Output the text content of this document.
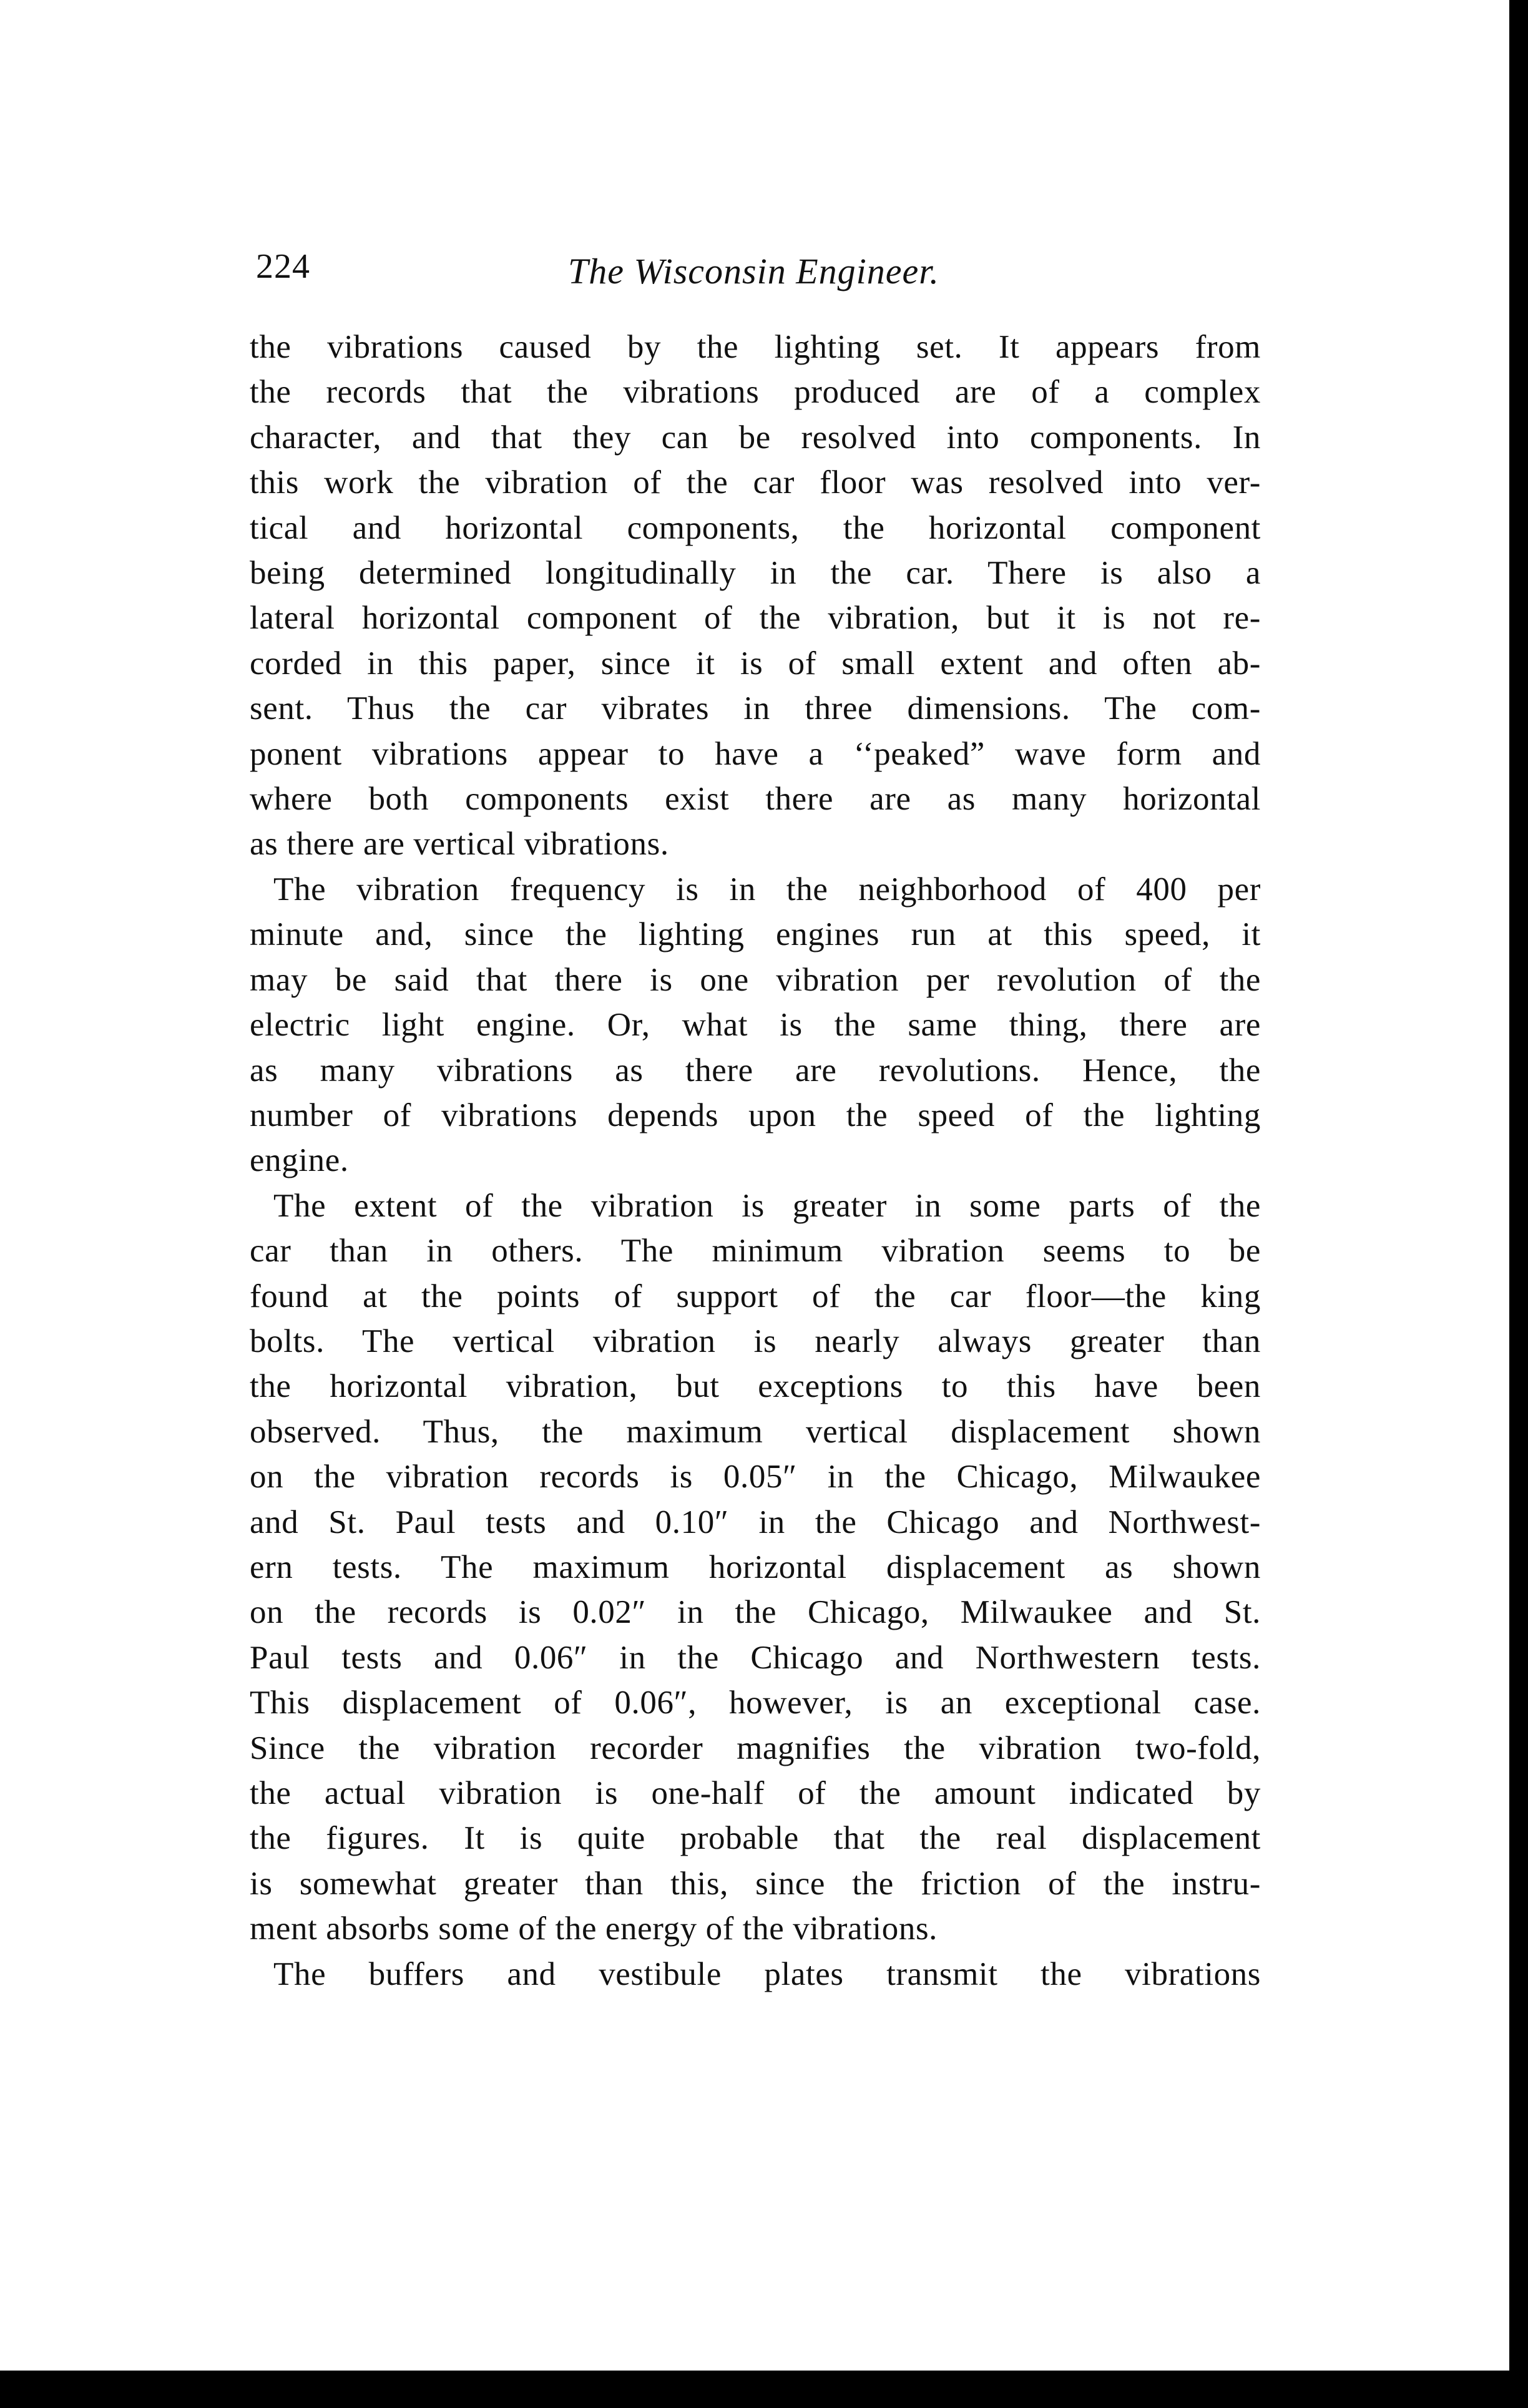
224	The Wisconsin Engineer.
the vibrations caused by the lighting set. It appears from
the records that the vibrations produced are of a complex
character, and that they can be resolved into components. In
this work the vibration of the car floor was resolved into ver-
tical and horizontal components, the horizontal component
being determined longitudinally in the car. There is also a
lateral horizontal component of the vibration, but it is not re-
corded in this paper, since it is of small extent and often ab-
sent. Thus the car vibrates in three dimensions. The com-
ponent vibrations appear to have a ‘‘peaked” wave form and
where both components exist there are as many horizontal
as there are vertical vibrations.
The vibration frequency is in the neighborhood of 400 per
minute and, since the lighting engines run at this speed, it
may be said that there is one vibration per revolution of the
electric light engine. Or, what is the same thing, there are
as many vibrations as there are revolutions. Hence, the
number of vibrations depends upon the speed of the lighting
engine.
The extent of the vibration is greater in some parts of the
car than in others. The minimum vibration seems to be
found at the points of support of the car floor—the king
bolts. The vertical vibration is nearly always greater than
the horizontal vibration, but exceptions to this have been
observed. Thus, the maximum vertical displacement shown
on the vibration records is 0.05″ in the Chicago, Milwaukee
and St. Paul tests and 0.10″ in the Chicago and Northwest-
ern tests. The maximum horizontal displacement as shown
on the records is 0.02″ in the Chicago, Milwaukee and St.
Paul tests and 0.06″ in the Chicago and Northwestern tests.
This displacement of 0.06″, however, is an exceptional case.
Since the vibration recorder magnifies the vibration two-fold,
the actual vibration is one-half of the amount indicated by
the figures. It is quite probable that the real displacement
is somewhat greater than this, since the friction of the instru-
ment absorbs some of the energy of the vibrations.
The buffers and vestibule plates transmit the vibrations
